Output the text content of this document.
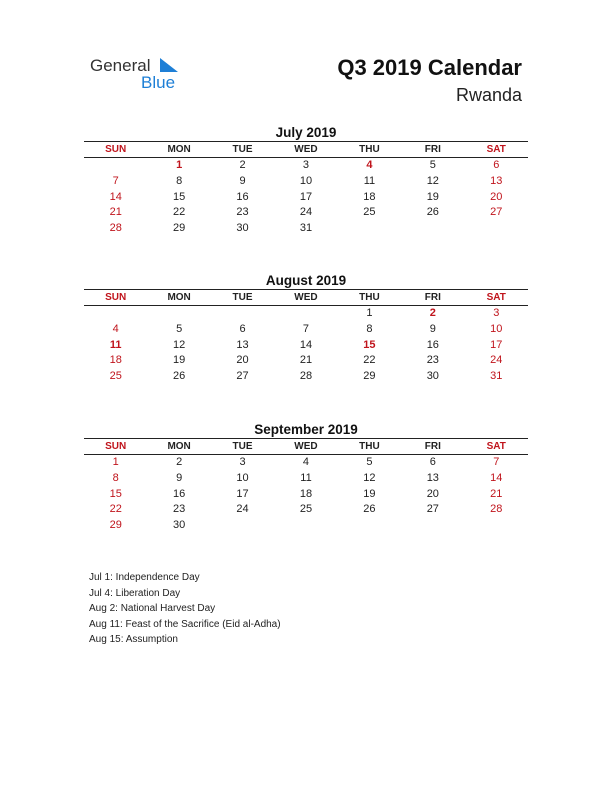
General
Blue
Q3 2019 Calendar
Rwanda
July 2019
SUN	MON	TUE	WED	THU	FRI	SAT
	1	2	3	4	5	6
7	8	9	10	11	12	13
14	15	16	17	18	19	20
21	22	23	24	25	26	27
28	29	30	31			
August 2019
SUN	MON	TUE	WED	THU	FRI	SAT
				1	2	3
4	5	6	7	8	9	10
11	12	13	14	15	16	17
18	19	20	21	22	23	24
25	26	27	28	29	30	31
September 2019
SUN	MON	TUE	WED	THU	FRI	SAT
1	2	3	4	5	6	7
8	9	10	11	12	13	14
15	16	17	18	19	20	21
22	23	24	25	26	27	28
29	30					
Jul 1: Independence Day
Jul 4: Liberation Day
Aug 2: National Harvest Day
Aug 11: Feast of the Sacrifice (Eid al-Adha)
Aug 15: Assumption
